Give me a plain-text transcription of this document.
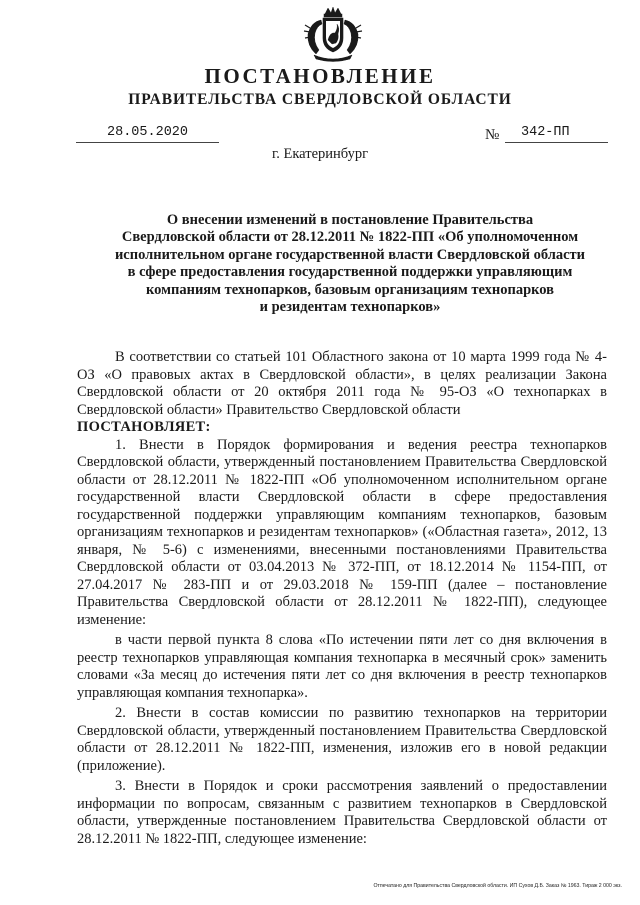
ПОСТАНОВЛЕНИЕ
ПРАВИТЕЛЬСТВА СВЕРДЛОВСКОЙ ОБЛАСТИ
28.05.2020	№ 342-ПП
г. Екатеринбург
О внесении изменений в постановление Правительства
Свердловской области от 28.12.2011 № 1822-ПП «Об уполномоченном
исполнительном органе государственной власти Свердловской области
в сфере предоставления государственной поддержки управляющим
компаниям технопарков, базовым организациям технопарков
и резидентам технопарков»

В соответствии со статьей 101 Областного закона от 10 марта 1999 года № 4-ОЗ «О правовых актах в Свердловской области», в целях реализации Закона Свердловской области от 20 октября 2011 года № 95-ОЗ «О технопарках в Свердловской области» Правительство Свердловской области

ПОСТАНОВЛЯЕТ:

1. Внести в Порядок формирования и ведения реестра технопарков Свердловской области, утвержденный постановлением Правительства Свердловской области от 28.12.2011 № 1822-ПП «Об уполномоченном исполнительном органе государственной власти Свердловской области в сфере предоставления государственной поддержки управляющим компаниям технопарков, базовым организациям технопарков и резидентам технопарков» («Областная газета», 2012, 13 января, № 5-6) с изменениями, внесенными постановлениями Правительства Свердловской области от 03.04.2013 № 372-ПП, от 18.12.2014 № 1154-ПП, от 27.04.2017 № 283-ПП и от 29.03.2018 № 159-ПП (далее – постановление Правительства Свердловской области от 28.12.2011 № 1822-ПП), следующее изменение:

в части первой пункта 8 слова «По истечении пяти лет со дня включения в реестр технопарков управляющая компания технопарка в месячный срок» заменить словами «За месяц до истечения пяти лет со дня включения в реестр технопарков управляющая компания технопарка».

2. Внести в состав комиссии по развитию технопарков на территории Свердловской области, утвержденный постановлением Правительства Свердловской области от 28.12.2011 № 1822-ПП, изменения, изложив его в новой редакции (приложение).

3. Внести в Порядок и сроки рассмотрения заявлений о предоставлении информации по вопросам, связанным с развитием технопарков в Свердловской области, утвержденные постановлением Правительства Свердловской области от 28.12.2011 № 1822-ПП, следующее изменение:

Отпечатано для Правительства Свердловской области. ИП Сухов Д.Б. Заказ № 1963. Тираж 2 000 экз.
